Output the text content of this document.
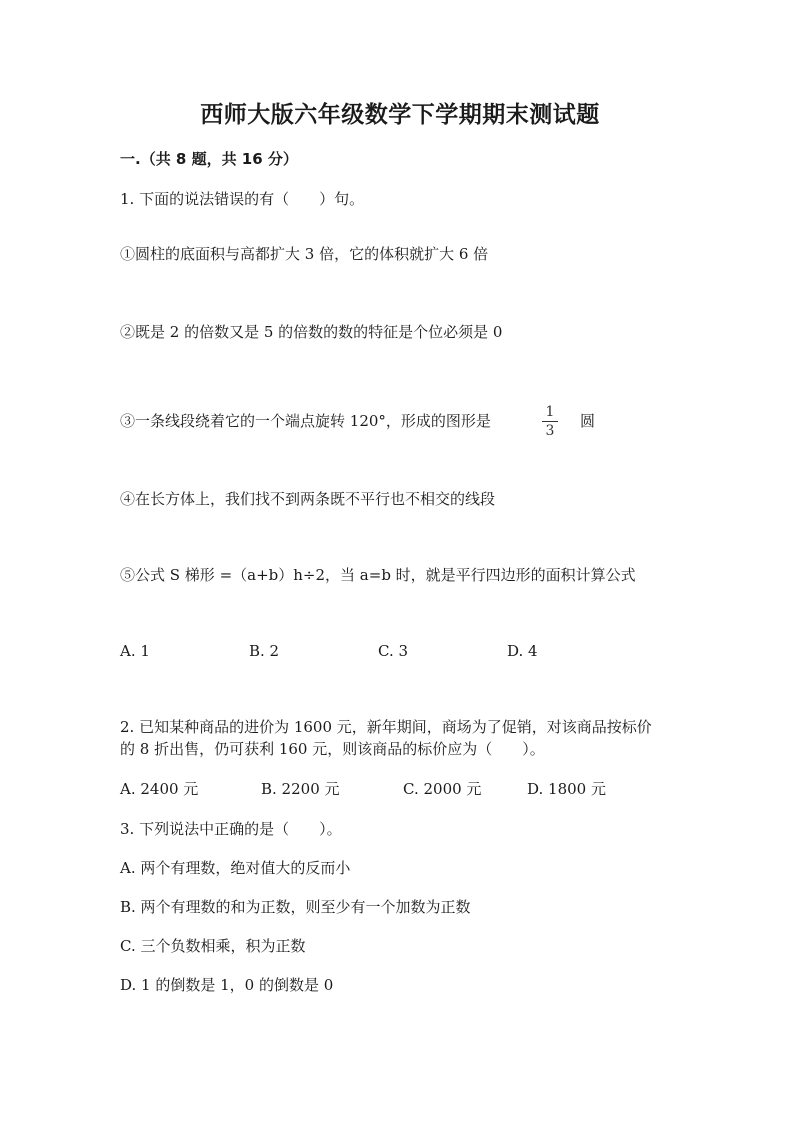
西师大版六年级数学下学期期末测试题
一.（共 8 题，共 16 分）
1. 下面的说法错误的有（　　）句。
①圆柱的底面积与高都扩大 3 倍，它的体积就扩大 6 倍
②既是 2 的倍数又是 5 的倍数的数的特征是个位必须是 0
③一条线段绕着它的一个端点旋转 120°，形成的图形是	1
3
圆
④在长方体上，我们找不到两条既不平行也不相交的线段
⑤公式 S 梯形 =（a+b）h÷2，当 a=b 时，就是平行四边形的面积计算公式
A. 1	B. 2	C. 3	D. 4
2. 已知某种商品的进价为 1600 元，新年期间，商场为了促销，对该商品按标价
的 8 折出售，仍可获利 160 元，则该商品的标价应为（　　）。
A. 2400 元	B. 2200 元	C. 2000 元	D. 1800 元
3. 下列说法中正确的是（　　）。
A. 两个有理数，绝对值大的反而小
B. 两个有理数的和为正数，则至少有一个加数为正数
C. 三个负数相乘，积为正数
D. 1 的倒数是 1，0 的倒数是 0
